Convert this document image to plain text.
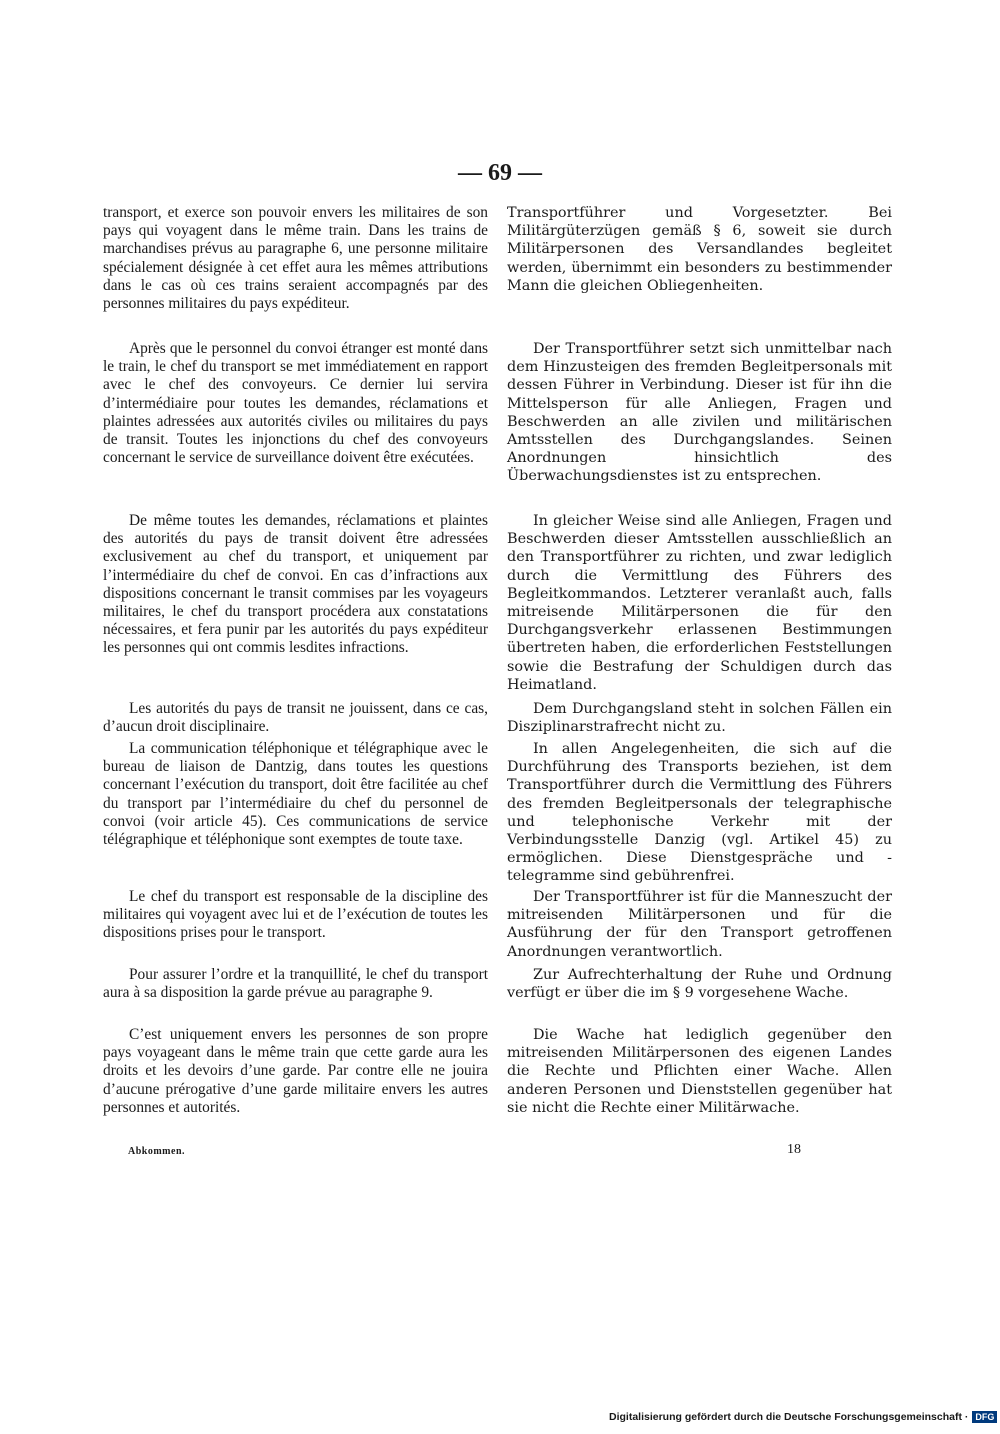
— 69 —

transport, et exerce son pouvoir envers les militaires de son pays qui voyagent dans le même train. Dans les trains de marchandises prévus au paragraphe 6, une personne militaire spécialement désignée à cet effet aura les mêmes attributions dans le cas où ces trains seraient accompagnés par des personnes militaires du pays expéditeur.

Après que le personnel du convoi étranger est monté dans le train, le chef du transport se met immédiatement en rapport avec le chef des convoyeurs. Ce dernier lui servira d’intermédiaire pour toutes les demandes, réclamations et plaintes adressées aux autorités civiles ou militaires du pays de transit. Toutes les injonctions du chef des convoyeurs concernant le service de surveillance doivent être exécutées.

De même toutes les demandes, réclamations et plaintes des autorités du pays de transit doivent être adressées exclusivement au chef du transport, et uniquement par l’intermédiaire du chef de convoi. En cas d’infractions aux dispositions concernant le transit commises par les voyageurs militaires, le chef du transport procédera aux constatations nécessaires, et fera punir par les autorités du pays expéditeur les personnes qui ont commis lesdites infractions.

Les autorités du pays de transit ne jouissent, dans ce cas, d’aucun droit disciplinaire.

La communication téléphonique et télégraphique avec le bureau de liaison de Dantzig, dans toutes les questions concernant l’exécution du transport, doit être facilitée au chef du transport par l’intermédiaire du chef du personnel de convoi (voir article 45). Ces communications de service télégraphique et téléphonique sont exemptes de toute taxe.

Le chef du transport est responsable de la discipline des militaires qui voyagent avec lui et de l’exécution de toutes les dispositions prises pour le transport.

Pour assurer l’ordre et la tranquillité, le chef du transport aura à sa disposition la garde prévue au paragraphe 9.

C’est uniquement envers les personnes de son propre pays voyageant dans le même train que cette garde aura les droits et les devoirs d’une garde. Par contre elle ne jouira d’aucune prérogative d’une garde militaire envers les autres personnes et autorités.

Transportführer und Vorgesetzter. Bei Militärgüterzügen gemäß § 6, soweit sie durch Militärpersonen des Versandlandes begleitet werden, übernimmt ein besonders zu bestimmender Mann die gleichen Obliegenheiten.

Der Transportführer setzt sich unmittelbar nach dem Hinzusteigen des fremden Begleitpersonals mit dessen Führer in Verbindung. Dieser ist für ihn die Mittelsperson für alle Anliegen, Fragen und Beschwerden an alle zivilen und militärischen Amtsstellen des Durchgangslandes. Seinen Anordnungen hinsichtlich des Überwachungsdienstes ist zu entsprechen.

In gleicher Weise sind alle Anliegen, Fragen und Beschwerden dieser Amtsstellen ausschließlich an den Transportführer zu richten, und zwar lediglich durch die Vermittlung des Führers des Begleitkommandos. Letzterer veranlaßt auch, falls mitreisende Militärpersonen die für den Durchgangsverkehr erlassenen Bestimmungen übertreten haben, die erforderlichen Feststellungen sowie die Bestrafung der Schuldigen durch das Heimatland.

Dem Durchgangsland steht in solchen Fällen ein Disziplinarstrafrecht nicht zu.

In allen Angelegenheiten, die sich auf die Durchführung des Transports beziehen, ist dem Transportführer durch die Vermittlung des Führers des fremden Begleitpersonals der telegraphische und telephonische Verkehr mit der Verbindungsstelle Danzig (vgl. Artikel 45) zu ermöglichen. Diese Dienstgespräche und -telegramme sind gebührenfrei.

Der Transportführer ist für die Manneszucht der mitreisenden Militärpersonen und für die Ausführung der für den Transport getroffenen Anordnungen verantwortlich.

Zur Aufrechterhaltung der Ruhe und Ordnung verfügt er über die im § 9 vorgesehene Wache.

Die Wache hat lediglich gegenüber den mitreisenden Militärpersonen des eigenen Landes die Rechte und Pflichten einer Wache. Allen anderen Personen und Dienststellen gegenüber hat sie nicht die Rechte einer Militärwache.

Abkommen.	18
Digitalisierung gefördert durch die Deutsche Forschungsgemeinschaft · DFG
